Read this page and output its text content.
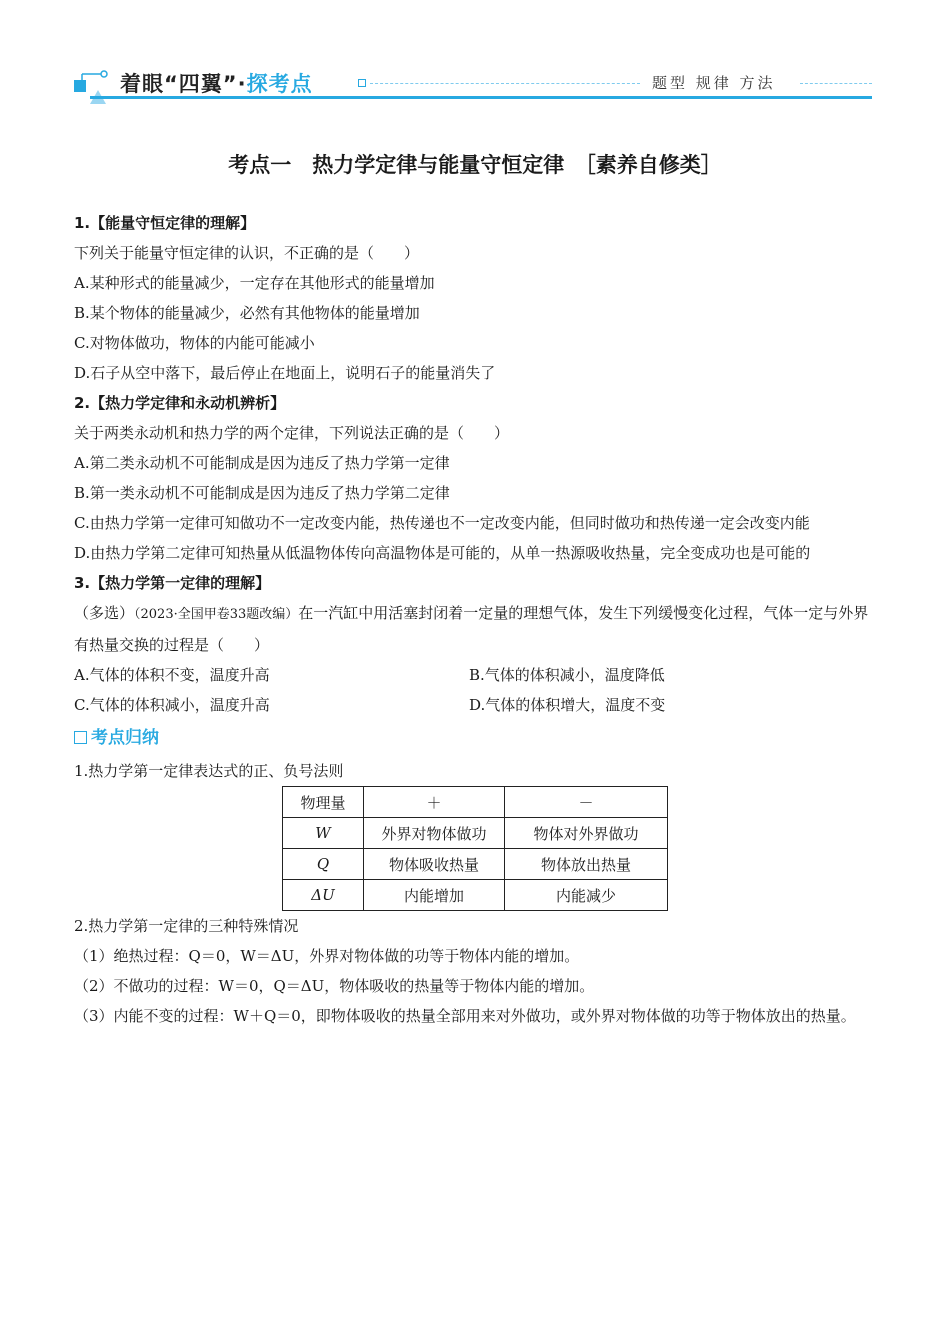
着眼“四翼”·探考点	题型 规律 方法
考点一　热力学定律与能量守恒定律　［素养自修类］
1.【能量守恒定律的理解】
下列关于能量守恒定律的认识，不正确的是（　　）
A.某种形式的能量减少，一定存在其他形式的能量增加
B.某个物体的能量减少，必然有其他物体的能量增加
C.对物体做功，物体的内能可能减小
D.石子从空中落下，最后停止在地面上，说明石子的能量消失了
2.【热力学定律和永动机辨析】
关于两类永动机和热力学的两个定律，下列说法正确的是（　　）
A.第二类永动机不可能制成是因为违反了热力学第一定律
B.第一类永动机不可能制成是因为违反了热力学第二定律
C.由热力学第一定律可知做功不一定改变内能，热传递也不一定改变内能，但同时做功和热传递一定会改变内能
D.由热力学第二定律可知热量从低温物体传向高温物体是可能的，从单一热源吸收热量，完全变成功也是可能的
3.【热力学第一定律的理解】
（多选）（2023·全国甲卷33题改编）在一汽缸中用活塞封闭着一定量的理想气体，发生下列缓慢变化过程，气体一定与外界有热量交换的过程是（　　）
A.气体的体积不变，温度升高	B.气体的体积减小，温度降低
C.气体的体积减小，温度升高	D.气体的体积增大，温度不变
考点归纳
1.热力学第一定律表达式的正、负号法则
物理量	＋	－
W	外界对物体做功	物体对外界做功
Q	物体吸收热量	物体放出热量
ΔU	内能增加	内能减少
2.热力学第一定律的三种特殊情况
（1）绝热过程：Q＝0，W＝ΔU，外界对物体做的功等于物体内能的增加。
（2）不做功的过程：W＝0，Q＝ΔU，物体吸收的热量等于物体内能的增加。
（3）内能不变的过程：W＋Q＝0，即物体吸收的热量全部用来对外做功，或外界对物体做的功等于物体放出的热量。
